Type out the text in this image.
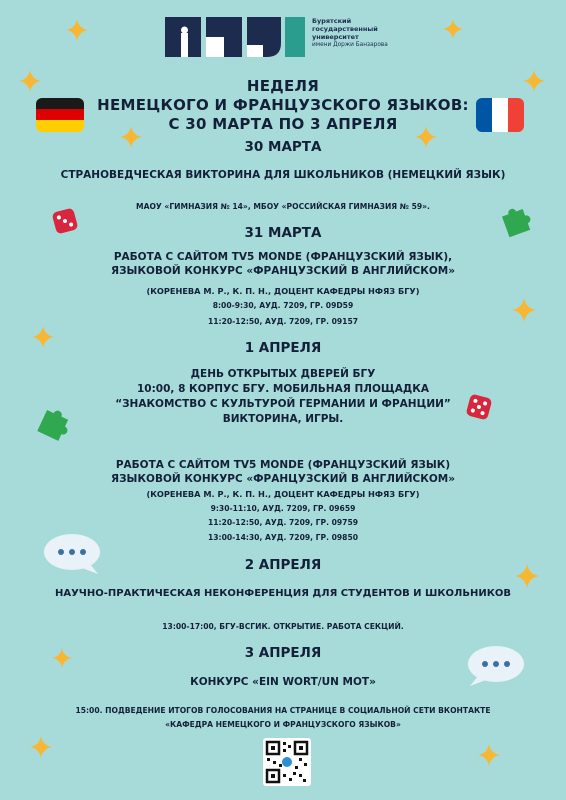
Бурятский
государственный
университет
имени Доржи Банзарова
НЕДЕЛЯ
НЕМЕЦКОГО И ФРАНЦУЗСКОГО ЯЗЫКОВ:
С 30 МАРТА ПО 3 АПРЕЛЯ
30 МАРТА
СТРАНОВЕДЧЕСКАЯ ВИКТОРИНА ДЛЯ ШКОЛЬНИКОВ (НЕМЕЦКИЙ ЯЗЫК)
МАОУ «ГИМНАЗИЯ № 14», МБОУ «РОССИЙСКАЯ ГИМНАЗИЯ № 59».
31 МАРТА
РАБОТА С САЙТОМ TV5 MONDE (ФРАНЦУЗСКИЙ ЯЗЫК),
ЯЗЫКОВОЙ КОНКУРС «ФРАНЦУЗСКИЙ В АНГЛИЙСКОМ»
(КОРЕНЕВА М. Р., К. П. Н., ДОЦЕНТ КАФЕДРЫ НФЯЗ БГУ)
8:00-9:30, АУД. 7209, ГР. 09D59
11:20-12:50, АУД. 7209, ГР. 09157
1 АПРЕЛЯ
ДЕНЬ ОТКРЫТЫХ ДВЕРЕЙ БГУ
10:00, 8 КОРПУС БГУ. МОБИЛЬНАЯ ПЛОЩАДКА
“ЗНАКОМСТВО С КУЛЬТУРОЙ ГЕРМАНИИ И ФРАНЦИИ”
ВИКТОРИНА, ИГРЫ.
РАБОТА С САЙТОМ TV5 MONDE (ФРАНЦУЗСКИЙ ЯЗЫК)
ЯЗЫКОВОЙ КОНКУРС «ФРАНЦУЗСКИЙ В АНГЛИЙСКОМ»
(КОРЕНЕВА М. Р., К. П. Н., ДОЦЕНТ КАФЕДРЫ НФЯЗ БГУ)
9:30-11:10, АУД. 7209, ГР. 09659
11:20-12:50, АУД. 7209, ГР. 09759
13:00-14:30, АУД. 7209, ГР. 09850
2 АПРЕЛЯ
НАУЧНО-ПРАКТИЧЕСКАЯ НЕКОНФЕРЕНЦИЯ ДЛЯ СТУДЕНТОВ И ШКОЛЬНИКОВ
13:00-17:00, БГУ-ВСГИК. ОТКРЫТИЕ. РАБОТА СЕКЦИЙ.
3 АПРЕЛЯ
КОНКУРС «EIN WORT/UN MOT»
15:00. ПОДВЕДЕНИЕ ИТОГОВ ГОЛОСОВАНИЯ НА СТРАНИЦЕ В СОЦИАЛЬНОЙ СЕТИ ВКОНТАКТЕ
«КАФЕДРА НЕМЕЦКОГО И ФРАНЦУЗСКОГО ЯЗЫКОВ»
